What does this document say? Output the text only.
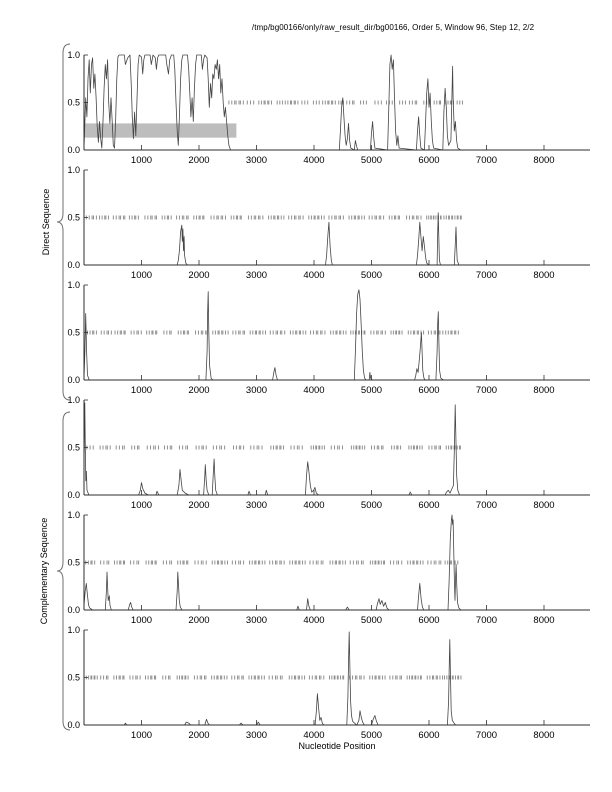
/tmp/bg00166/only/raw_result_dir/bg00166, Order 5, Window 96, Step 12, 2/2
Direct Sequence
Complementary Sequence
Nucleotide Position
1.0
0.5
0.0
1000	2000	3000	4000	5000	6000	7000	8000
1.0
0.5
0.0
1000	2000	3000	4000	5000	6000	7000	8000
1.0
0.5
0.0
1000	2000	3000	4000	5000	6000	7000	8000
1.0
0.5
0.0
1000	2000	3000	4000	5000	6000	7000	8000
1.0
0.5
0.0
1000	2000	3000	4000	5000	6000	7000	8000
1.0
0.5
0.0
1000	2000	3000	4000	5000	6000	7000	8000
